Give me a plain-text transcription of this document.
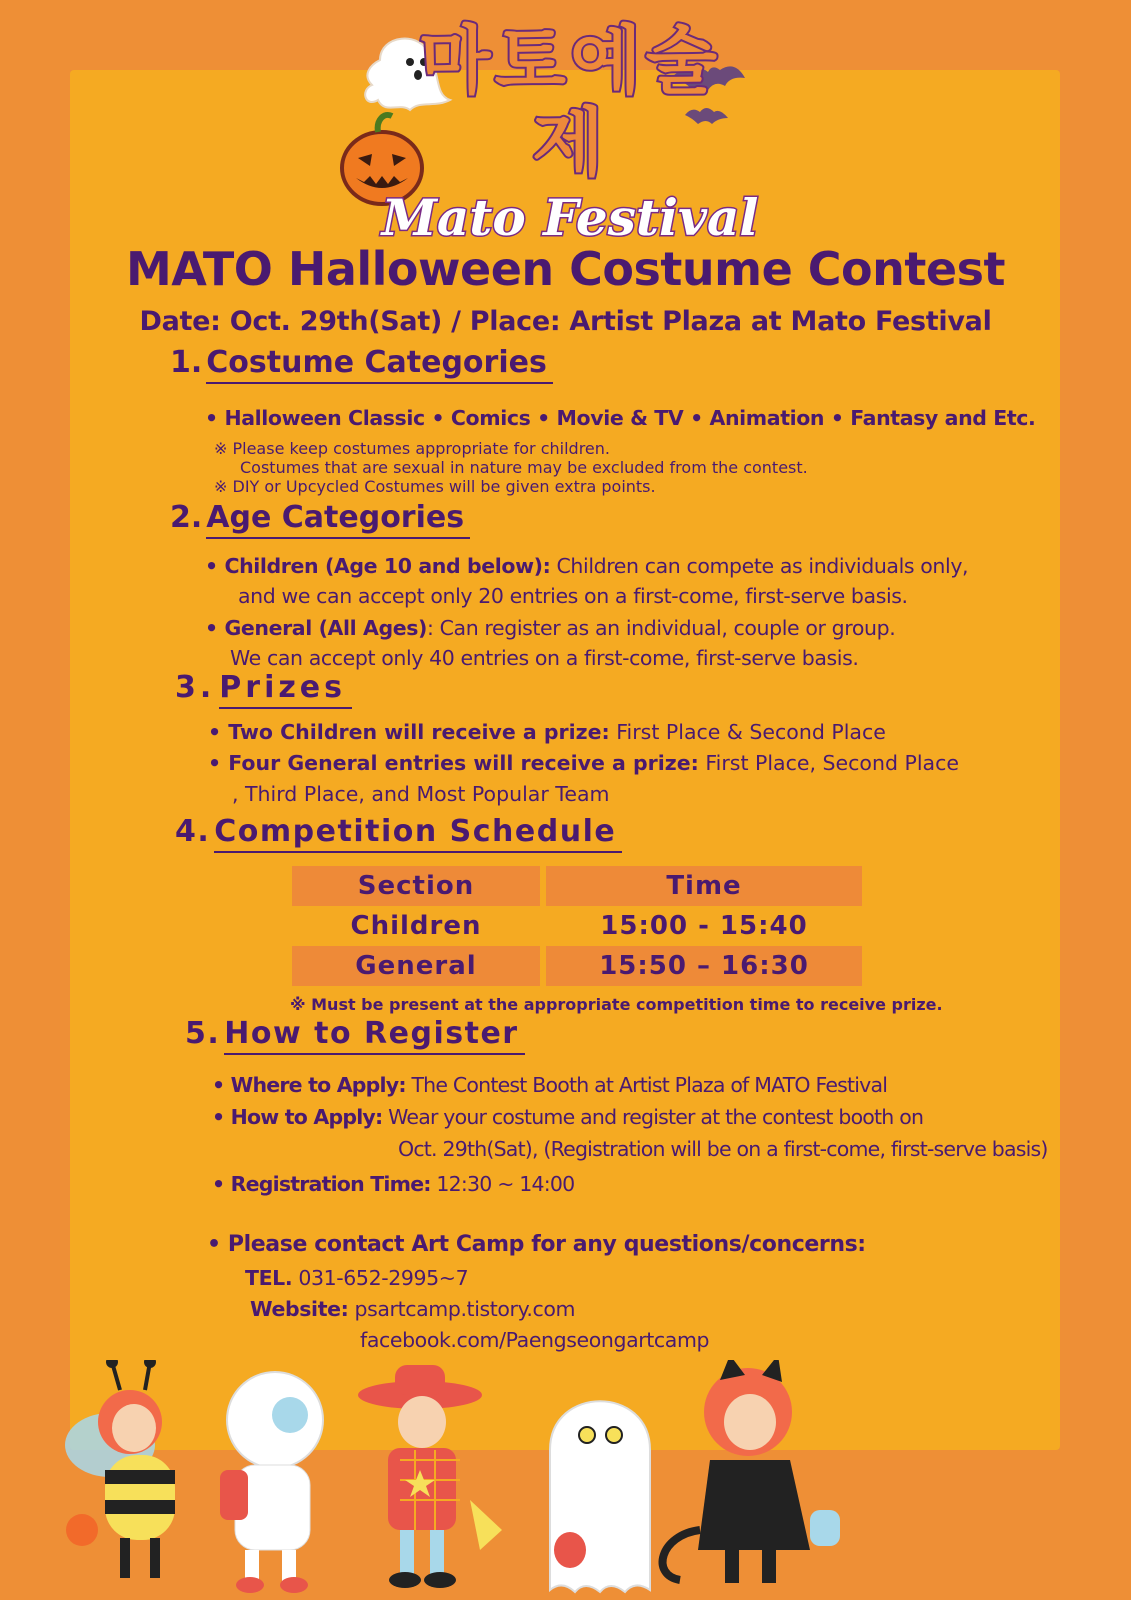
마토예술제
Mato Festival
MATO Halloween Costume Contest
Date: Oct. 29th(Sat) / Place: Artist Plaza at Mato Festival
1. Costume Categories
• Halloween Classic • Comics • Movie & TV • Animation • Fantasy and Etc.
※ Please keep costumes appropriate for children.
Costumes that are sexual in nature may be excluded from the contest.
※ DIY or Upcycled Costumes will be given extra points.
2. Age Categories
• Children (Age 10 and below): Children can compete as individuals only,
and we can accept only 20 entries on a first-come, first-serve basis.
• General (All Ages): Can register as an individual, couple or group.
We can accept only 40 entries on a first-come, first-serve basis.
3. Prizes
• Two Children will receive a prize: First Place & Second Place
• Four General entries will receive a prize: First Place, Second Place
, Third Place, and Most Popular Team
4. Competition Schedule
Section	Time
Children	15:00 - 15:40
General	15:50 – 16:30
※ Must be present at the appropriate competition time to receive prize.
5. How to Register
• Where to Apply: The Contest Booth at Artist Plaza of MATO Festival
• How to Apply: Wear your costume and register at the contest booth on
Oct. 29th(Sat), (Registration will be on a first-come, first-serve basis)
• Registration Time: 12:30 ~ 14:00
• Please contact Art Camp for any questions/concerns:
TEL. 031-652-2995~7
Website: psartcamp.tistory.com
facebook.com/Paengseongartcamp
